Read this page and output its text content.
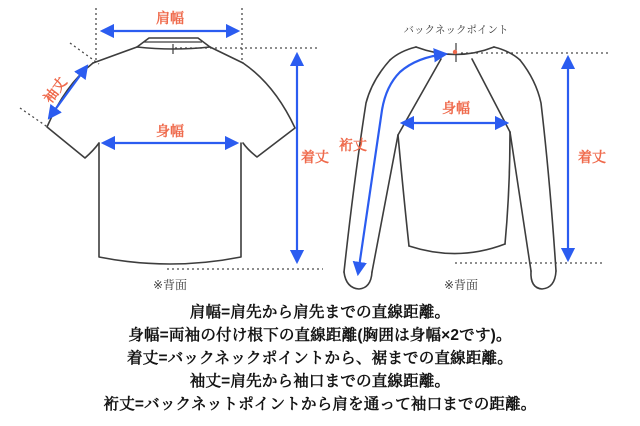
肩幅
身幅
着丈
袖丈
※背面
バックネックポイント
身幅
裄丈
着丈
※背面
肩幅=肩先から肩先までの直線距離。
身幅=両袖の付け根下の直線距離(胸囲は身幅×2です)。
着丈=バックネックポイントから、裾までの直線距離。
袖丈=肩先から袖口までの直線距離。
裄丈=バックネットポイントから肩を通って袖口までの距離。
